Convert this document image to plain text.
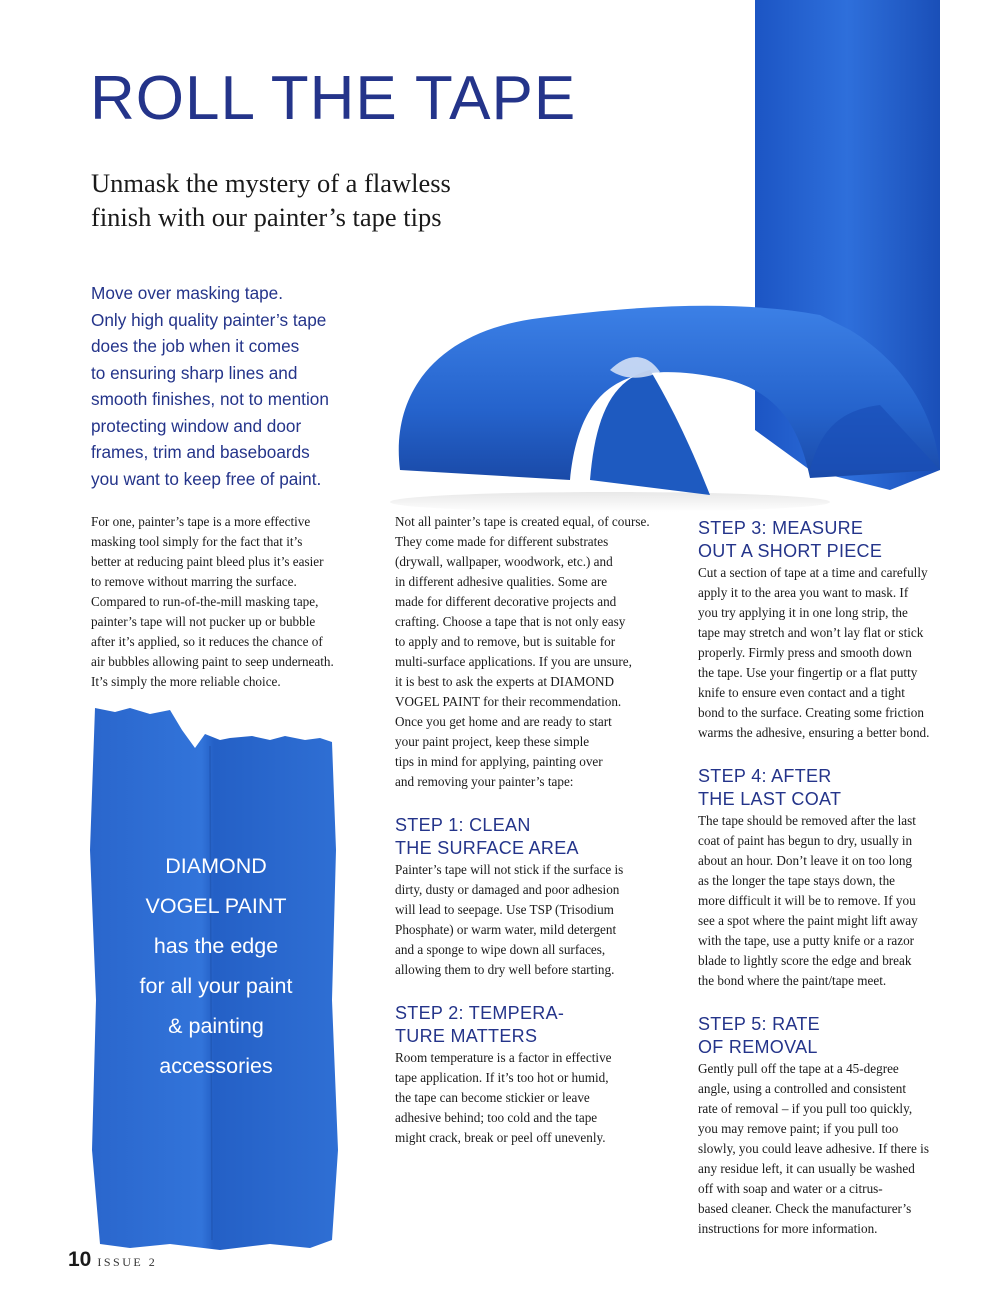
ROLL THE TAPE
Unmask the mystery of a flawless
finish with our painter’s tape tips
Move over masking tape.
Only high quality painter’s tape
does the job when it comes
to ensuring sharp lines and
smooth finishes, not to mention
protecting window and door
frames, trim and baseboards
you want to keep free of paint.
For one, painter’s tape is a more effective
masking tool simply for the fact that it’s
better at reducing paint bleed plus it’s easier
to remove without marring the surface.
Compared to run-of-the-mill masking tape,
painter’s tape will not pucker up or bubble
after it’s applied, so it reduces the chance of
air bubbles allowing paint to seep underneath.
It’s simply the more reliable choice.
DIAMOND
VOGEL PAINT
has the edge
for all your paint
& painting
accessories
Not all painter’s tape is created equal, of course.
They come made for different substrates
(drywall, wallpaper, woodwork, etc.) and
in different adhesive qualities. Some are
made for different decorative projects and
crafting. Choose a tape that is not only easy
to apply and to remove, but is suitable for
multi-surface applications. If you are unsure,
it is best to ask the experts at DIAMOND
VOGEL PAINT for their recommendation.
Once you get home and are ready to start
your paint project, keep these simple
tips in mind for applying, painting over
and removing your painter’s tape:
STEP 1: CLEAN
THE SURFACE AREA
Painter’s tape will not stick if the surface is
dirty, dusty or damaged and poor adhesion
will lead to seepage. Use TSP (Trisodium
Phosphate) or warm water, mild detergent
and a sponge to wipe down all surfaces,
allowing them to dry well before starting.
STEP 2: TEMPERA-
TURE MATTERS
Room temperature is a factor in effective
tape application. If it’s too hot or humid,
the tape can become stickier or leave
adhesive behind; too cold and the tape
might crack, break or peel off unevenly.
STEP 3: MEASURE
OUT A SHORT PIECE
Cut a section of tape at a time and carefully
apply it to the area you want to mask. If
you try applying it in one long strip, the
tape may stretch and won’t lay flat or stick
properly. Firmly press and smooth down
the tape. Use your fingertip or a flat putty
knife to ensure even contact and a tight
bond to the surface. Creating some friction
warms the adhesive, ensuring a better bond.
STEP 4: AFTER
THE LAST COAT
The tape should be removed after the last
coat of paint has begun to dry, usually in
about an hour. Don’t leave it on too long
as the longer the tape stays down, the
more difficult it will be to remove. If you
see a spot where the paint might lift away
with the tape, use a putty knife or a razor
blade to lightly score the edge and break
the bond where the paint/tape meet.
STEP 5: RATE
OF REMOVAL
Gently pull off the tape at a 45-degree
angle, using a controlled and consistent
rate of removal – if you pull too quickly,
you may remove paint; if you pull too
slowly, you could leave adhesive. If there is
any residue left, it can usually be washed
off with soap and water or a citrus-
based cleaner. Check the manufacturer’s
instructions for more information.
10 ISSUE 2
